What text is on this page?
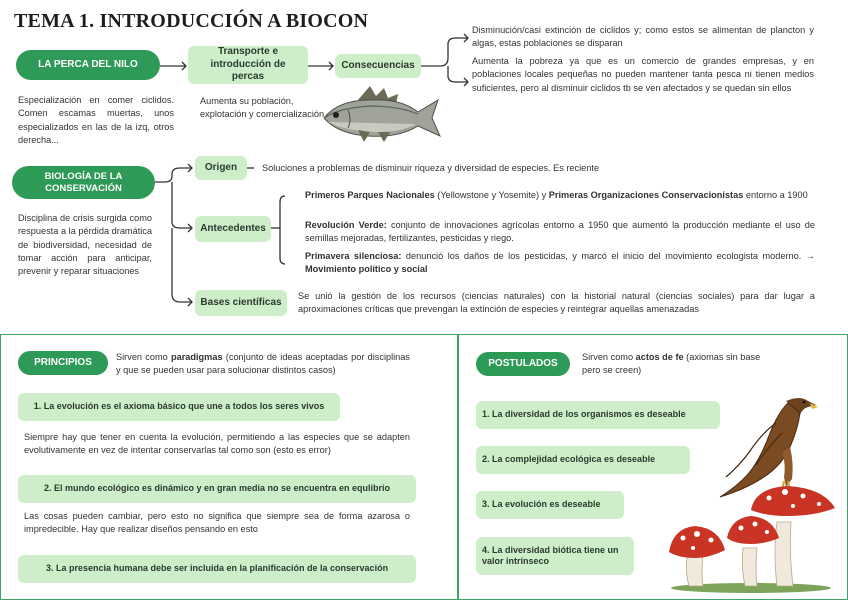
TEMA 1. INTRODUCCIÓN A BIOCON
LA PERCA DEL NILO
Especialización en comer ciclidos. Comen escamas muertas, unos especializados en las de la izq, otros derecha...
Transporte e introducción de percas
Aumenta su población, explotación y comercialización.
Consecuencias
Disminución/casi extinción de ciclidos y; como estos se alimentan de plancton y algas, estas poblaciones se disparan
Aumenta la pobreza ya que es un comercio de grandes empresas, y en poblaciones locales pequeñas no pueden mantener tanta pesca ni tienen medios suficientes, pero al disminuir ciclidos tb se ven afectados y se quedan sin ellos
BIOLOGÍA DE LA CONSERVACIÓN
Disciplina de crisis surgida como respuesta a la pérdida dramática de biodiversidad, necesidad de tomar acción para anticipar, prevenir y reparar situaciones
Origen	Soluciones a problemas de disminuir riqueza y diversidad de especies. Es reciente
Antecedentes
Primeros Parques Nacionales (Yellowstone y Yosemite) y Primeras Organizaciones Conservacionistas entorno a 1900
Revolución Verde: conjunto de innovaciones agrícolas entorno a 1950 que aumentó la producción mediante el uso de semillas mejoradas, fertilizantes, pesticidas y riego.
Primavera silenciosa: denunció los daños de los pesticidas, y marcó el inicio del movimiento ecologista moderno. → Movimiento político y social
Bases científicas
Se unió la gestión de los recursos (ciencias naturales) con la historial natural (ciencias sociales) para dar lugar a aproximaciones críticas que prevengan la extinción de especies y reintegrar aquellas amenazadas
PRINCIPIOS	Sirven como paradigmas (conjunto de ideas aceptadas por disciplinas y que se pueden usar para solucionar distintos casos)
1. La evolución es el axioma básico que une a todos los seres vivos
Siempre hay que tener en cuenta la evolución, permitiendo a las especies que se adapten evolutivamente en vez de intentar conservarlas tal como son (esto es error)
2. El mundo ecológico es dinámico y en gran media no se encuentra en equlibrio
Las cosas pueden cambiar, pero esto no significa que siempre sea de forma azarosa o impredecible. Hay que realizar diseños pensando en esto
3. La presencia humana debe ser incluida en la planificación de la conservación
POSTULADOS
Sirven como actos de fe (axiomas sin base pero se creen)
1. La diversidad de los organismos es deseable
2. La complejidad ecológica es deseable
3. La evolución es deseable
4. La diversidad biótica tiene un valor intrínseco
